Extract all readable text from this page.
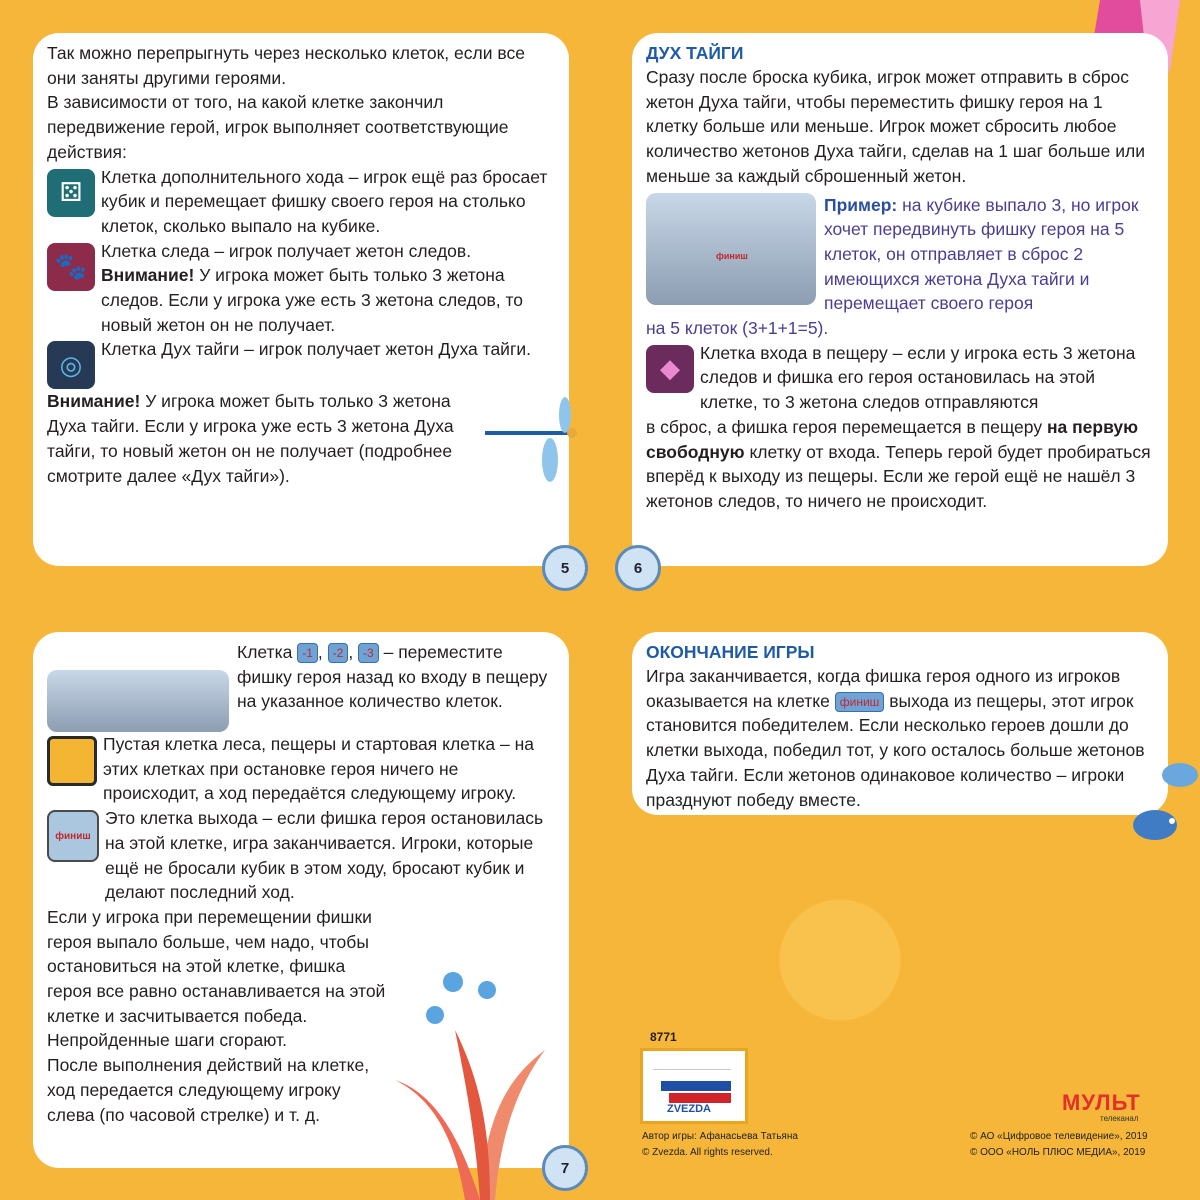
Так можно перепрыгнуть через несколько клеток, если все они заняты другими героями.

В зависимости от того, на какой клетке закончил передвижение герой, игрок выполняет соответствующие действия:

⚄

Клетка дополнительного хода – игрок ещё раз бросает кубик и перемещает фишку своего героя на столько клеток, сколько выпало на кубике.

🐾

Клетка следа – игрок получает жетон следов.
Внимание! У игрока может быть только 3 жетона следов. Если у игрока уже есть 3 жетона следов, то новый жетон он не получает.

◎

Клетка Дух тайги – игрок получает жетон Духа тайги.

Внимание! У игрока может быть только 3 жетона Духа тайги. Если у игрока уже есть 3 жетона Духа тайги, то новый жетон он не получает (подробнее смотрите далее «Дух тайги»).

ДУХ ТАЙГИ

Сразу после броска кубика, игрок может отправить в сброс жетон Духа тайги, чтобы переместить фишку героя на 1 клетку больше или меньше. Игрок может сбросить любое количество жетонов Духа тайги, сделав на 1 шаг больше или меньше за каждый сброшенный жетон.

финиш

Пример: на кубике выпало 3, но игрок хочет передвинуть фишку героя на 5 клеток, он отправляет в сброс 2 имеющихся жетона Духа тайги и перемещает своего героя

на 5 клеток (3+1+1=5).

◆

Клетка входа в пещеру – если у игрока есть 3 жетона следов и фишка его героя остановилась на этой клетке, то 3 жетона следов отправляются

в сброс, а фишка героя перемещается в пещеру на первую свободную клетку от входа. Теперь герой будет пробираться вперёд к выходу из пещеры. Если же герой ещё не нашёл 3 жетонов следов, то ничего не происходит.

5	6

Клетка -1 , -2 , -3 – переместите фишку героя назад ко входу в пещеру на указанное количество клеток.

Пустая клетка леса, пещеры и стартовая клетка – на этих клетках при остановке героя ничего не происходит, а ход передаётся следующему игроку.

финиш

Это клетка выхода – если фишка героя остановилась на этой клетке, игра заканчивается. Игроки, которые ещё не бросали кубик в этом ходу, бросают кубик и делают последний ход.

Если у игрока при перемещении фишки героя выпало больше, чем надо, чтобы остановиться на этой клетке, фишка героя все равно останавливается на этой клетке и засчитывается победа. Непройденные шаги сгорают.

После выполнения действий на клетке, ход передается следующему игроку слева (по часовой стрелке) и т. д.

7

ОКОНЧАНИЕ ИГРЫ

Игра заканчивается, когда фишка героя одного из игроков оказывается на клетке финиш выхода из пещеры, этот игрок становится победителем. Если несколько героев дошли до клетки выхода, победил тот, у кого осталось больше жетонов Духа тайги. Если жетонов одинаковое количество – игроки празднуют победу вместе.

8771
ZVEZDA
Автор игры: Афанасьева Татьяна
© Zvezda. All rights reserved.
МУЛЬТ
телеканал
© АО «Цифровое телевидение», 2019
© ООО «НОЛЬ ПЛЮС МЕДИА», 2019
